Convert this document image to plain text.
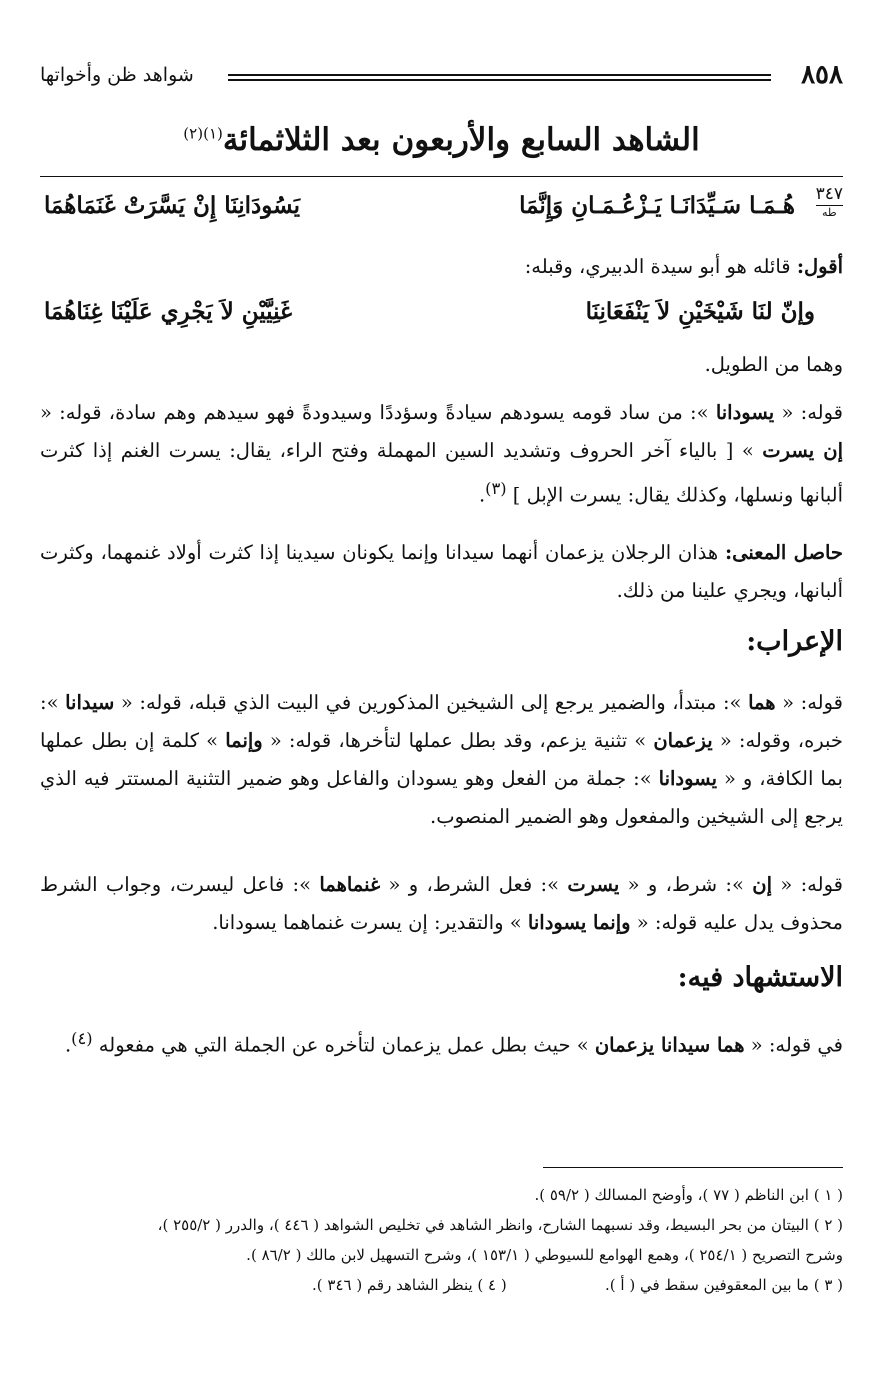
٨٥٨
شواهد ظن وأخواتها
الشاهد السابع والأربعون بعد الثلاثمائة$^{(١)(٢)}$
٣٤٧
طه
هُـمَـا سَـيِّدَانَـا يَـزْعُـمَـانِ وَإِنَّمَا
يَسُودَانِنَا إِنْ يَسَّرَتْ غَنَمَاهُمَا
أقول: قائله هو أبو سيدة الدبيري، وقبله:
وإنّ لنَا شَيْخَيْنِ لاَ يَنْفَعَانِنَا
غَنِيَّيْنِ لاَ يَجْرِي عَلَيْنَا غِنَاهُمَا
وهما من الطويل.
قوله: « يسودانا »: من ساد قومه يسودهم سيادةً وسؤددًا وسيدودةً فهو سيدهم وهم سادة، قوله: « إن يسرت » [ بالياء آخر الحروف وتشديد السين المهملة وفتح الراء، يقال: يسرت الغنم إذا كثرت ألبانها ونسلها، وكذلك يقال: يسرت الإبل ] $^{(٣)}$.
حاصل المعنى: هذان الرجلان يزعمان أنهما سيدانا وإنما يكونان سيدينا إذا كثرت أولاد غنمهما، وكثرت ألبانها، ويجري علينا من ذلك.
الإعراب:
قوله: « هما »: مبتدأ، والضمير يرجع إلى الشيخين المذكورين في البيت الذي قبله، قوله: « سيدانا »: خبره، وقوله: « يزعمان » تثنية يزعم، وقد بطل عملها لتأخرها، قوله: « وإنما » كلمة إن بطل عملها بما الكافة، و « يسودانا »: جملة من الفعل وهو يسودان والفاعل وهو ضمير التثنية المستتر فيه الذي يرجع إلى الشيخين والمفعول وهو الضمير المنصوب.
قوله: « إن »: شرط، و « يسرت »: فعل الشرط، و « غنماهما »: فاعل ليسرت، وجواب الشرط محذوف يدل عليه قوله: « وإنما يسودانا » والتقدير: إن يسرت غنماهما يسودانا.
الاستشهاد فيه:
في قوله: « هما سيدانا يزعمان » حيث بطل عمل يزعمان لتأخره عن الجملة التي هي مفعوله $^{(٤)}$.
( ١ ) ابن الناظم ( ٧٧ )، وأوضح المسالك ( ٥٩/٢ ).
( ٢ ) البيتان من بحر البسيط، وقد نسبهما الشارح، وانظر الشاهد في تخليص الشواهد ( ٤٤٦ )، والدرر ( ٢٥٥/٢ )،
وشرح التصريح ( ٢٥٤/١ )، وهمع الهوامع للسيوطي ( ١٥٣/١ )، وشرح التسهيل لابن مالك ( ٨٦/٢ ).
( ٣ ) ما بين المعقوفين سقط في ( أ ).
( ٤ ) ينظر الشاهد رقم ( ٣٤٦ ).
